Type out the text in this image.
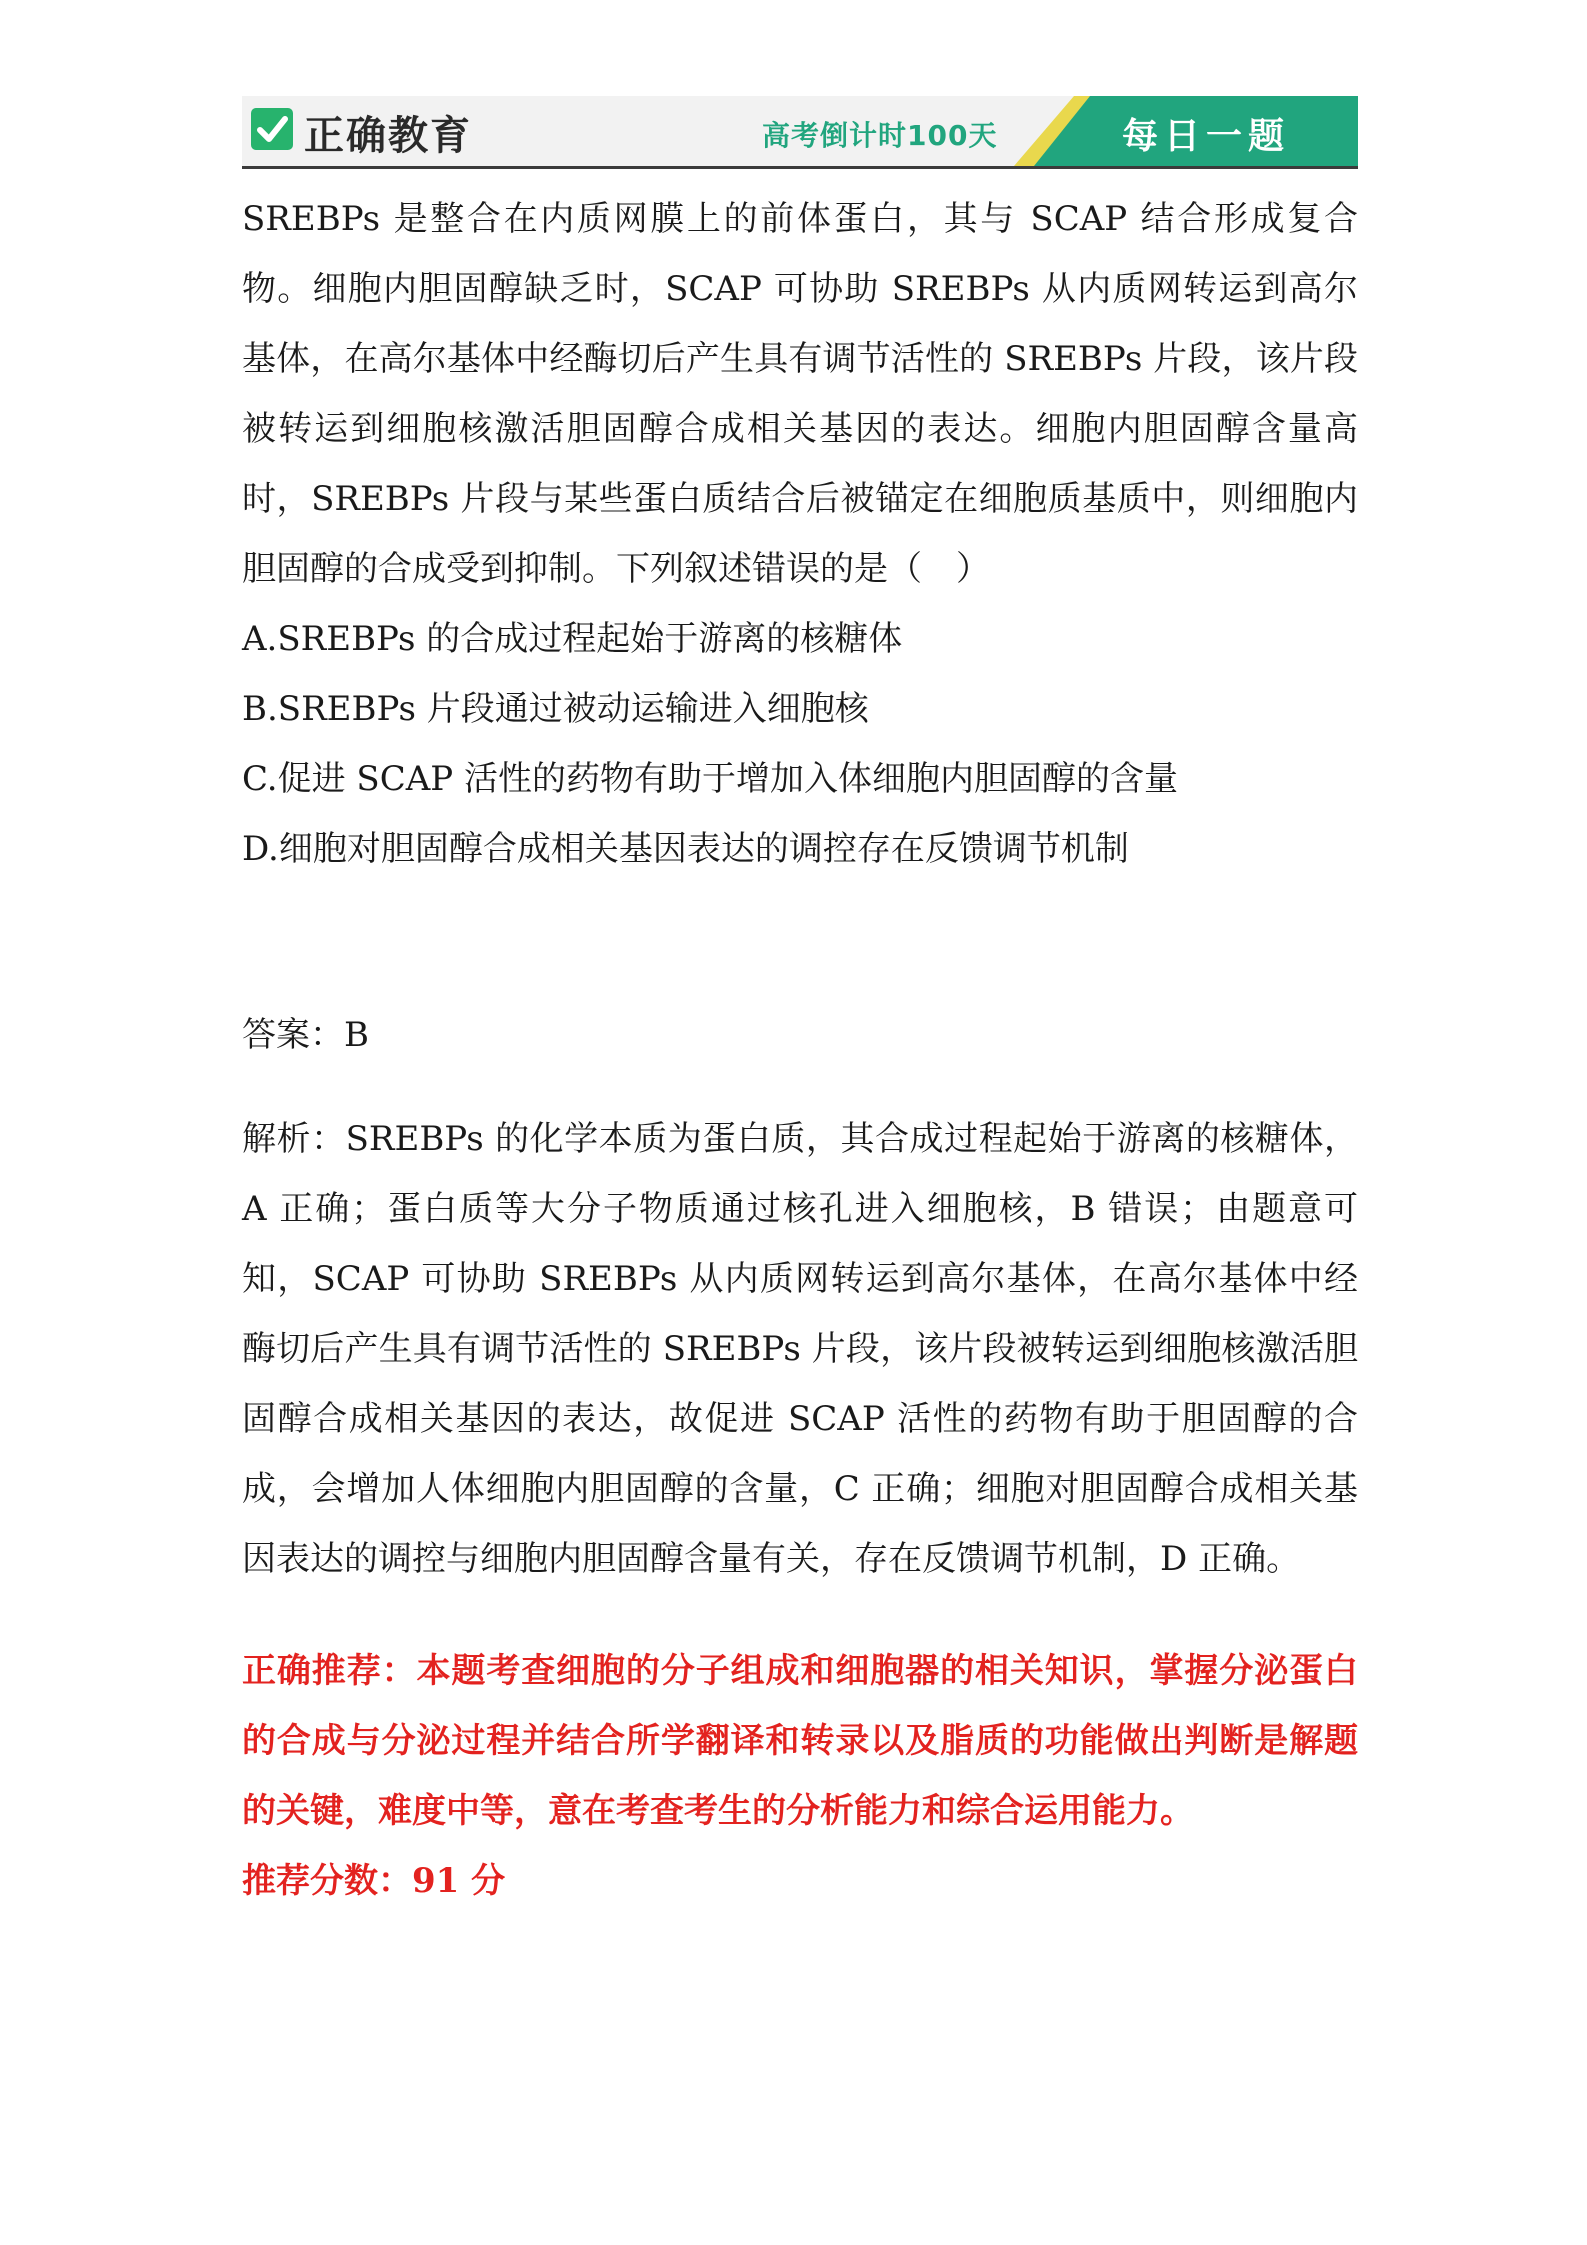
正确教育	高考倒计时100天	每日一题

SREBPs 是整合在内质网膜上的前体蛋白，其与 SCAP 结合形成复合物。细胞内胆固醇缺乏时，SCAP 可协助 SREBPs 从内质网转运到高尔基体，在高尔基体中经酶切后产生具有调节活性的 SREBPs 片段，该片段被转运到细胞核激活胆固醇合成相关基因的表达。细胞内胆固醇含量高时，SREBPs 片段与某些蛋白质结合后被锚定在细胞质基质中，则细胞内胆固醇的合成受到抑制。下列叙述错误的是（　）

A.SREBPs 的合成过程起始于游离的核糖体

B.SREBPs 片段通过被动运输进入细胞核

C.促进 SCAP 活性的药物有助于增加入体细胞内胆固醇的含量

D.细胞对胆固醇合成相关基因表达的调控存在反馈调节机制

答案：B

解析：SREBPs 的化学本质为蛋白质，其合成过程起始于游离的核糖体，A 正确；蛋白质等大分子物质通过核孔进入细胞核，B 错误；由题意可知，SCAP 可协助 SREBPs 从内质网转运到高尔基体，在高尔基体中经酶切后产生具有调节活性的 SREBPs 片段，该片段被转运到细胞核激活胆固醇合成相关基因的表达，故促进 SCAP 活性的药物有助于胆固醇的合成，会增加人体细胞内胆固醇的含量，C 正确；细胞对胆固醇合成相关基因表达的调控与细胞内胆固醇含量有关，存在反馈调节机制，D 正确。

正确推荐：本题考查细胞的分子组成和细胞器的相关知识，掌握分泌蛋白的合成与分泌过程并结合所学翻译和转录以及脂质的功能做出判断是解题的关键，难度中等，意在考查考生的分析能力和综合运用能力。

推荐分数：91 分
